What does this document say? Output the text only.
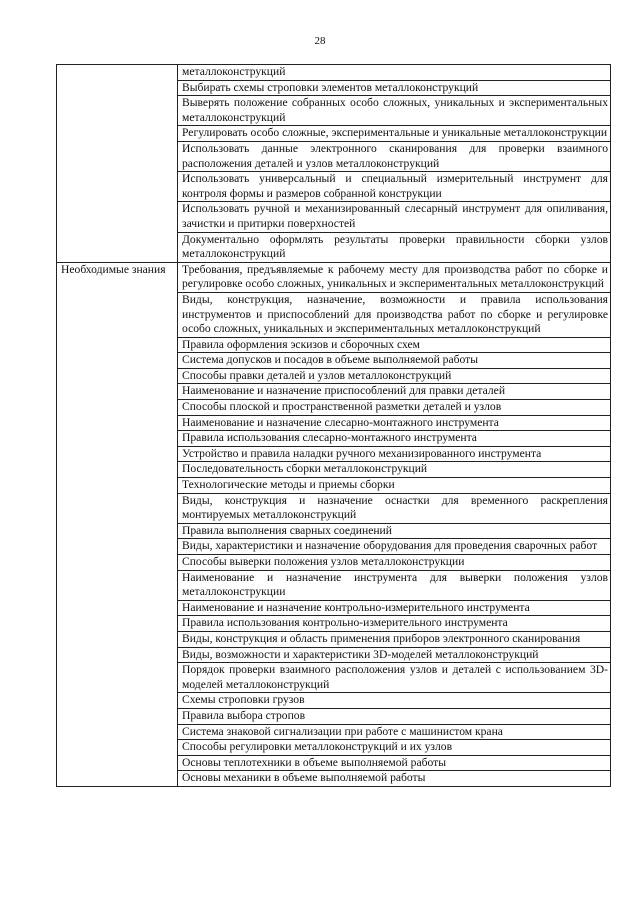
28
	металлоконструкций
	Выбирать схемы строповки элементов металлоконструкций
	Выверять положение собранных особо сложных, уникальных и экспериментальных металлоконструкций
	Регулировать особо сложные, экспериментальные и уникальные металлоконструкции
	Использовать данные электронного сканирования для проверки взаимного расположения деталей и узлов металлоконструкций
	Использовать универсальный и специальный измерительный инструмент для контроля формы и размеров собранной конструкции
	Использовать ручной и механизированный слесарный инструмент для опиливания, зачистки и притирки поверхностей
	Документально оформлять результаты проверки правильности сборки узлов металлоконструкций
Необходимые знания	Требования, предъявляемые к рабочему месту для производства работ по сборке и регулировке особо сложных, уникальных и экспериментальных металлоконструкций
	Виды, конструкция, назначение, возможности и правила использования инструментов и приспособлений для производства работ по сборке и регулировке особо сложных, уникальных и экспериментальных металлоконструкций
	Правила оформления эскизов и сборочных схем
	Система допусков и посадов в объеме выполняемой работы
	Способы правки деталей и узлов металлоконструкций
	Наименование и назначение приспособлений для правки деталей
	Способы плоской и пространственной разметки деталей и узлов
	Наименование и назначение слесарно-монтажного инструмента
	Правила использования слесарно-монтажного инструмента
	Устройство и правила наладки ручного механизированного инструмента
	Последовательность сборки металлоконструкций
	Технологические методы и приемы сборки
	Виды, конструкция и назначение оснастки для временного раскрепления монтируемых металлоконструкций
	Правила выполнения сварных соединений
	Виды, характеристики и назначение оборудования для проведения сварочных работ
	Способы выверки положения узлов металлоконструкции
	Наименование и назначение инструмента для выверки положения узлов металлоконструкции
	Наименование и назначение контрольно-измерительного инструмента
	Правила использования контрольно-измерительного инструмента
	Виды, конструкция и область применения приборов электронного сканирования
	Виды, возможности и характеристики 3D-моделей металлоконструкций
	Порядок проверки взаимного расположения узлов и деталей с использованием 3D-моделей металлоконструкций
	Схемы строповки грузов
	Правила выбора стропов
	Система знаковой сигнализации при работе с машинистом крана
	Способы регулировки металлоконструкций и их узлов
	Основы теплотехники в объеме выполняемой работы
	Основы механики в объеме выполняемой работы
